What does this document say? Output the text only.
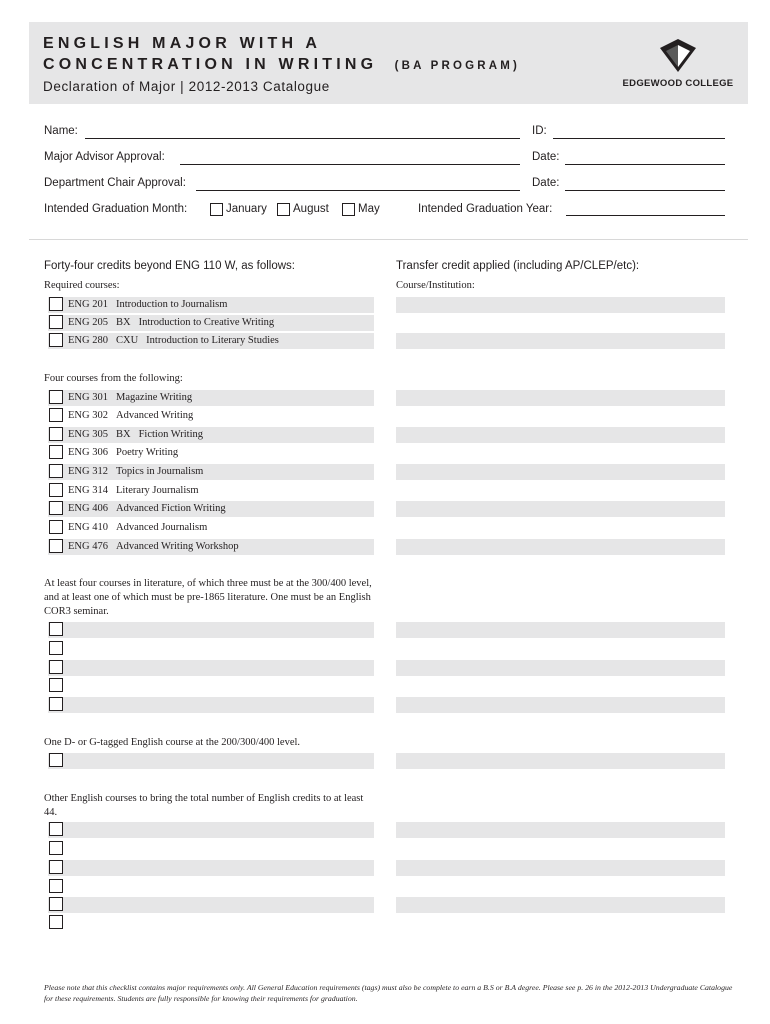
ENGLISH MAJOR WITH A
CONCENTRATION IN WRITING (BA PROGRAM)
Declaration of Major | 2012-2013 Catalogue	EDGEWOOD COLLEGE
Name:	ID:
Major Advisor Approval:	Date:
Department Chair Approval:	Date:
Intended Graduation Month:	January August	May	Intended Graduation Year:
Forty-four credits beyond ENG 110 W, as follows:	Transfer credit applied (including AP/CLEP/etc):
Required courses:	Course/Institution:
ENG 201 Introduction to Journalism
ENG 205 BX Introduction to Creative Writing
ENG 280 CXU Introduction to Literary Studies
Four courses from the following:
ENG 301 Magazine Writing
ENG 302 Advanced Writing
ENG 305 BX Fiction Writing
ENG 306 Poetry Writing
ENG 312 Topics in Journalism
ENG 314 Literary Journalism
ENG 406 Advanced Fiction Writing
ENG 410 Advanced Journalism
ENG 476 Advanced Writing Workshop
At least four courses in literature, of which three must be at the 300/400 level, and at least one of which must be pre-1865 literature. One must be an English COR3 seminar.
One D- or G-tagged English course at the 200/300/400 level.
Other English courses to bring the total number of English credits to at least 44.
Please note that this checklist contains major requirements only. All General Education requirements (tags) must also be complete to earn a B.S or B.A degree. Please see p. 26 in the 2012-2013 Undergraduate Catalogue for these requirements. Students are fully responsible for knowing their requirements for graduation.
